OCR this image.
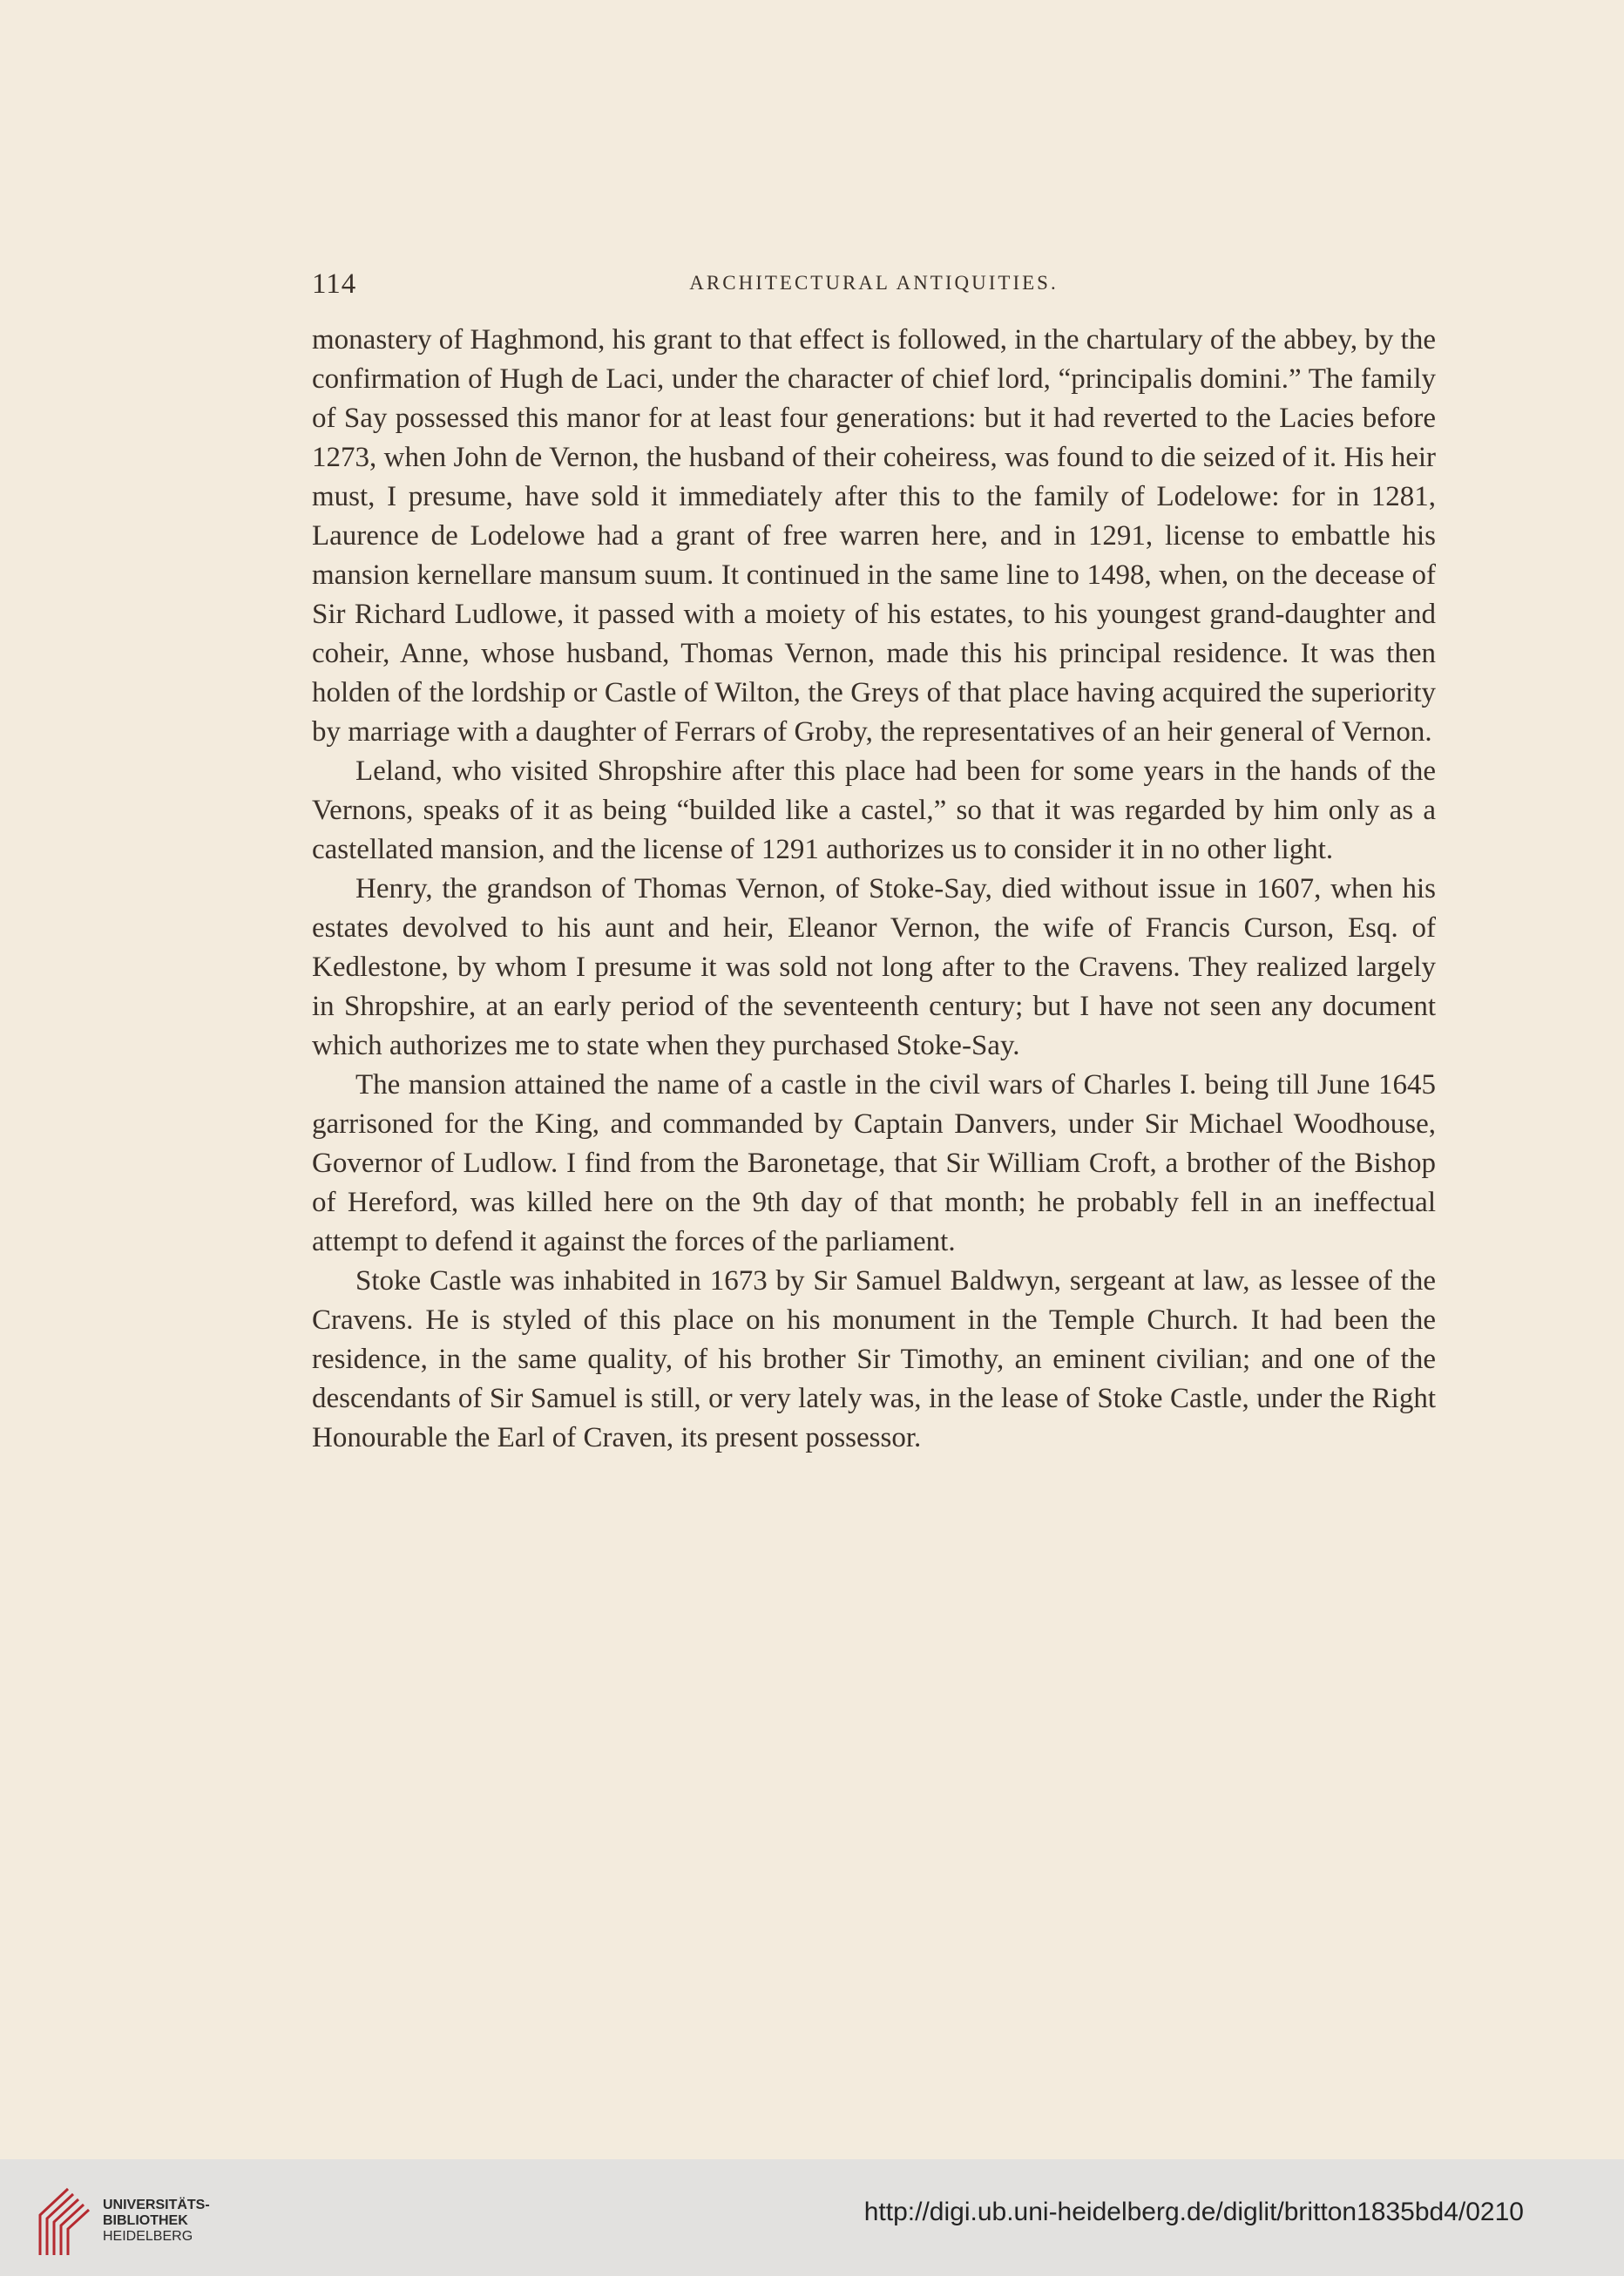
114	ARCHITECTURAL ANTIQUITIES.

monastery of Haghmond, his grant to that effect is followed, in the chartulary of the abbey, by the confirmation of Hugh de Laci, under the character of chief lord, “principalis domini.” The family of Say possessed this manor for at least four generations: but it had reverted to the Lacies before 1273, when John de Vernon, the husband of their coheiress, was found to die seized of it. His heir must, I presume, have sold it immediately after this to the family of Lodelowe: for in 1281, Laurence de Lodelowe had a grant of free warren here, and in 1291, license to embattle his mansion kernellare mansum suum. It continued in the same line to 1498, when, on the decease of Sir Richard Ludlowe, it passed with a moiety of his estates, to his youngest grand-daughter and coheir, Anne, whose husband, Thomas Vernon, made this his principal residence. It was then holden of the lordship or Castle of Wilton, the Greys of that place having acquired the superiority by marriage with a daughter of Ferrars of Groby, the representatives of an heir general of Vernon.

Leland, who visited Shropshire after this place had been for some years in the hands of the Vernons, speaks of it as being “builded like a castel,” so that it was regarded by him only as a castellated mansion, and the license of 1291 authorizes us to consider it in no other light.

Henry, the grandson of Thomas Vernon, of Stoke-Say, died without issue in 1607, when his estates devolved to his aunt and heir, Eleanor Vernon, the wife of Francis Curson, Esq. of Kedlestone, by whom I presume it was sold not long after to the Cravens. They realized largely in Shropshire, at an early period of the seventeenth century; but I have not seen any document which authorizes me to state when they purchased Stoke-Say.

The mansion attained the name of a castle in the civil wars of Charles I. being till June 1645 garrisoned for the King, and commanded by Captain Danvers, under Sir Michael Woodhouse, Governor of Ludlow. I find from the Baronetage, that Sir William Croft, a brother of the Bishop of Hereford, was killed here on the 9th day of that month; he probably fell in an ineffectual attempt to defend it against the forces of the parliament.

Stoke Castle was inhabited in 1673 by Sir Samuel Baldwyn, sergeant at law, as lessee of the Cravens. He is styled of this place on his monument in the Temple Church. It had been the residence, in the same quality, of his brother Sir Timothy, an eminent civilian; and one of the descendants of Sir Samuel is still, or very lately was, in the lease of Stoke Castle, under the Right Honourable the Earl of Craven, its present possessor.

UNIVERSITÄTS-
BIBLIOTHEK
HEIDELBERG
http://digi.ub.uni-heidelberg.de/diglit/britton1835bd4/0210
